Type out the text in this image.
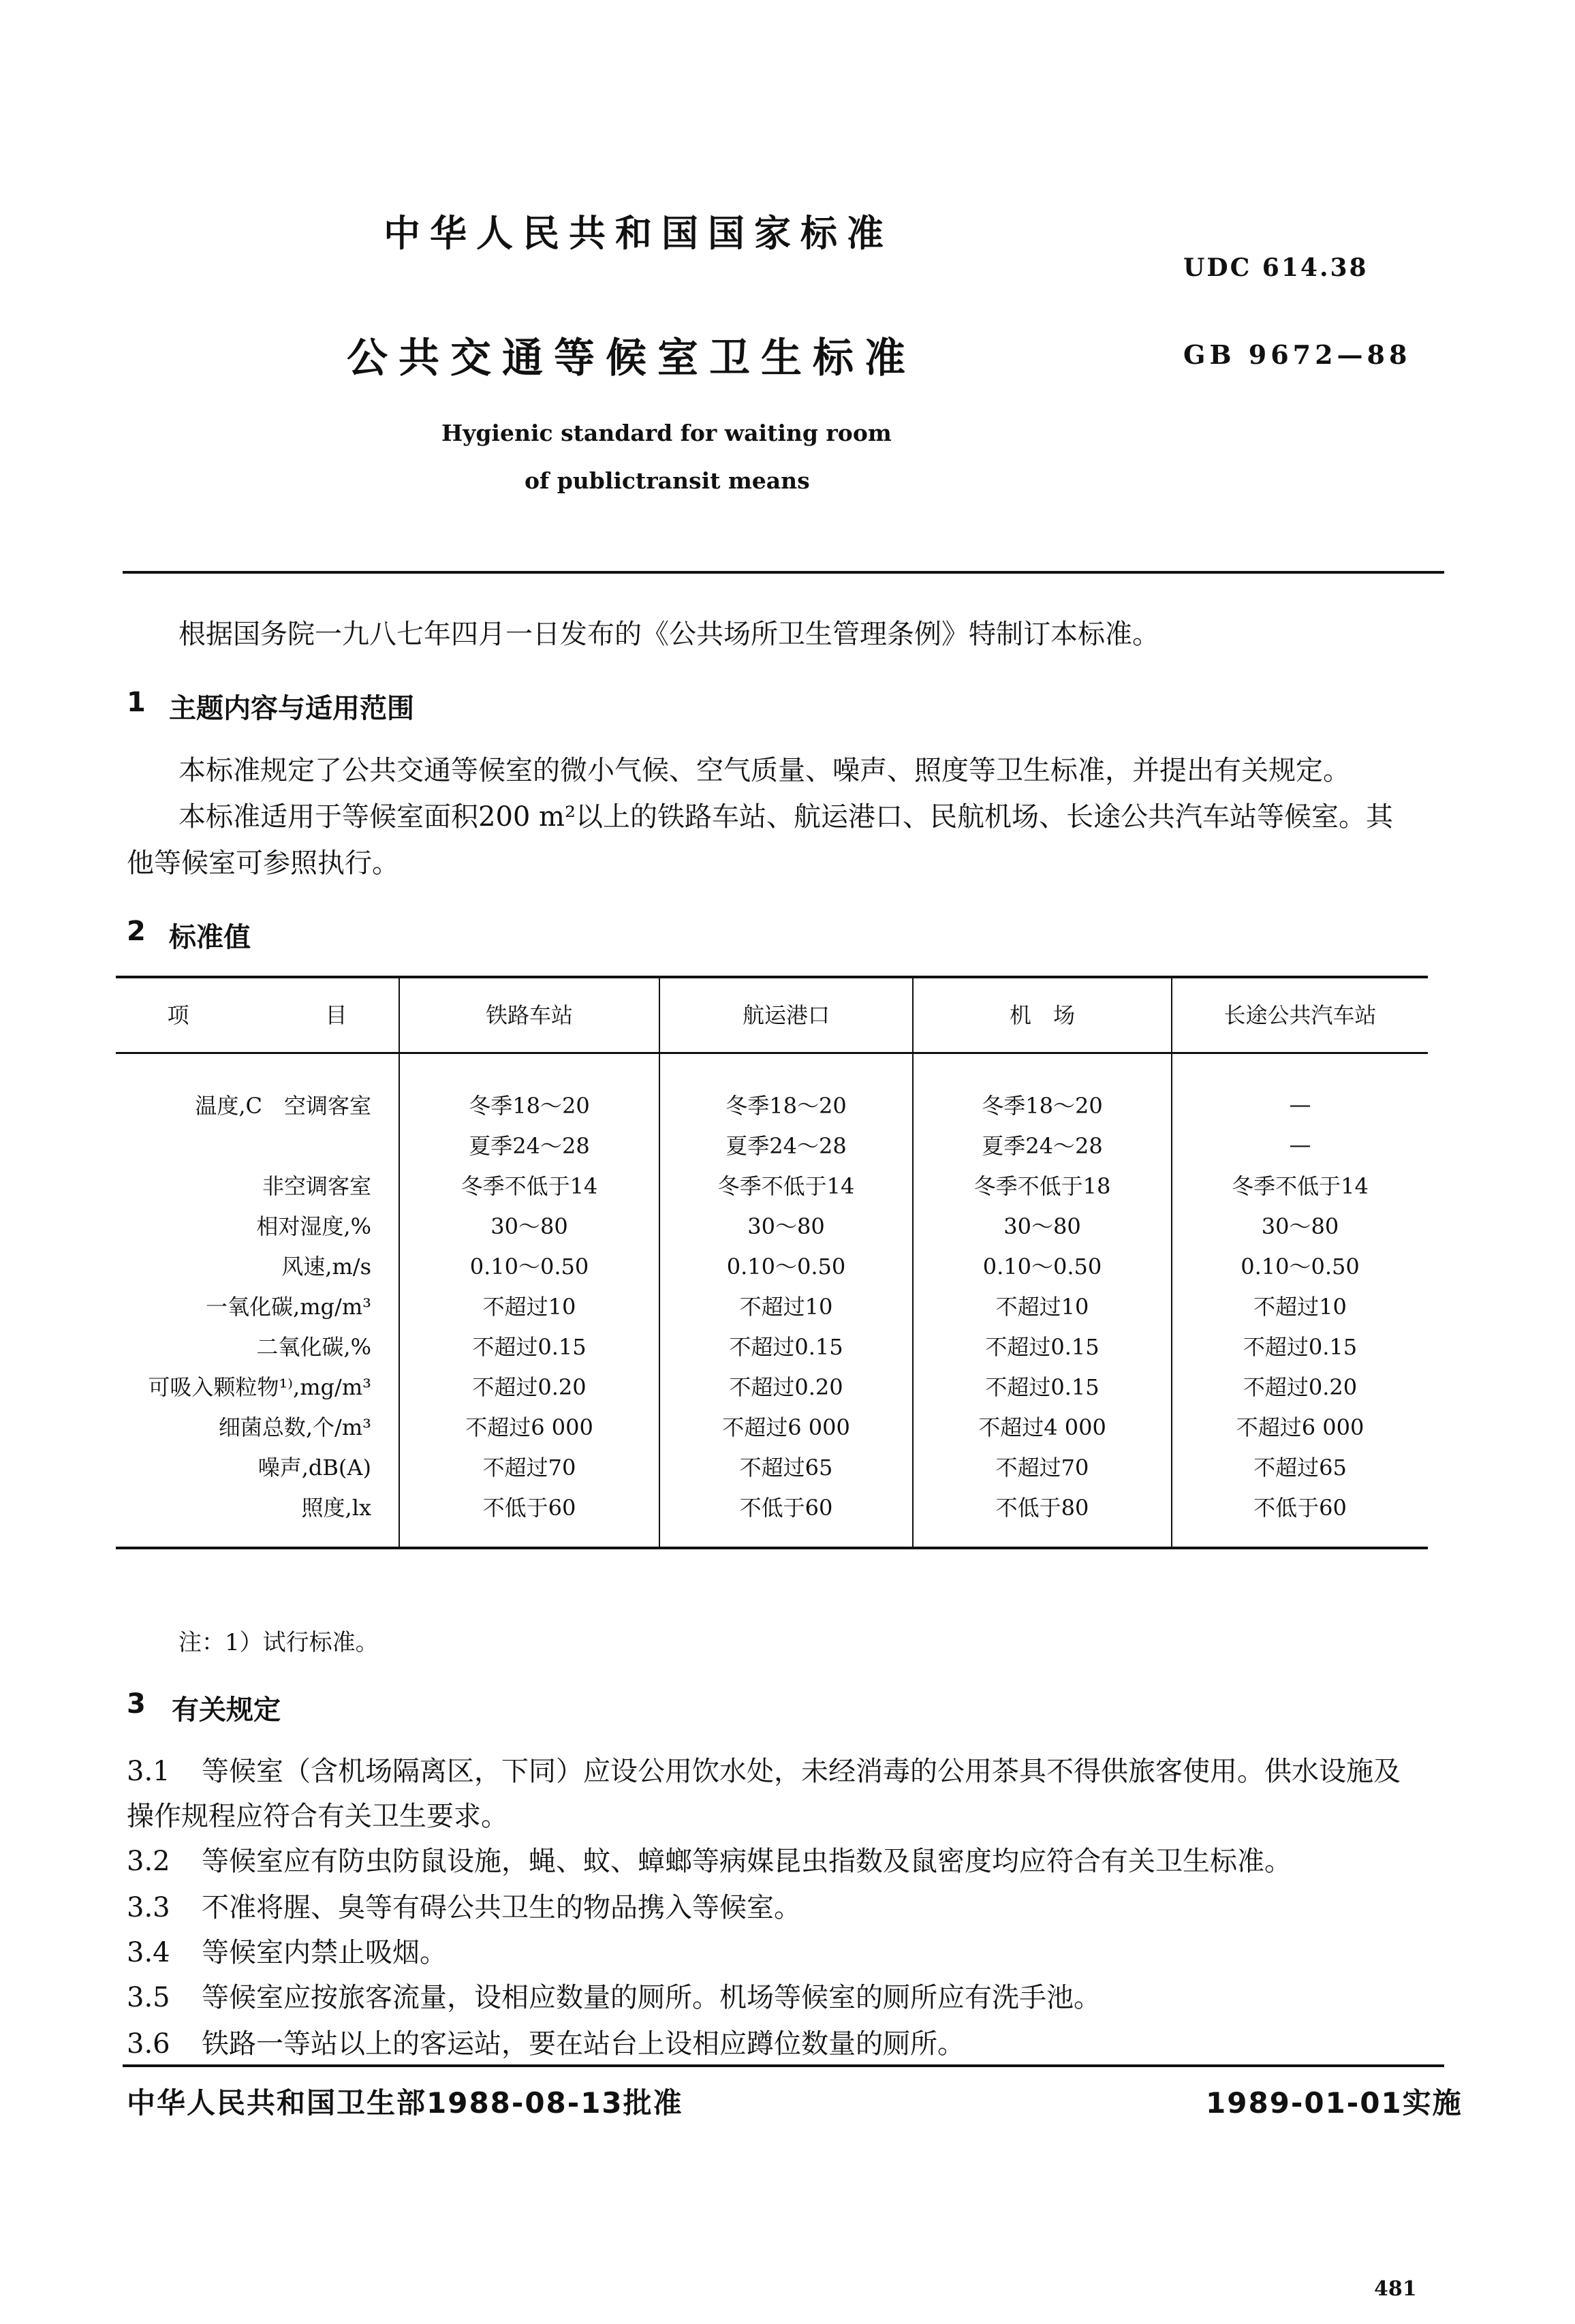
中华人民共和国国家标准
UDC 614.38
公共交通等候室卫生标准	GB 9672—88
Hygienic standard for waiting room
of publictransit means
根据国务院一九八七年四月一日发布的《公共场所卫生管理条例》特制订本标准。
1 主题内容与适用范围
本标准规定了公共交通等候室的微小气候、空气质量、噪声、照度等卫生标准，并提出有关规定。
本标准适用于等候室面积200 m²以上的铁路车站、航运港口、民航机场、长途公共汽车站等候室。其
他等候室可参照执行。
2 标准值
项 目	铁路车站	航运港口	机　场	长途公共汽车站
温度,C　空调客室	冬季18～20	冬季18～20	冬季18～20	—
	夏季24～28	夏季24～28	夏季24～28	—
非空调客室	冬季不低于14	冬季不低于14	冬季不低于18	冬季不低于14
相对湿度,%	30～80	30～80	30～80	30～80
风速,m/s	0.10～0.50	0.10～0.50	0.10～0.50	0.10～0.50
一氧化碳,mg/m³	不超过10	不超过10	不超过10	不超过10
二氧化碳,%	不超过0.15	不超过0.15	不超过0.15	不超过0.15
可吸入颗粒物¹⁾,mg/m³	不超过0.20	不超过0.20	不超过0.15	不超过0.20
细菌总数,个/m³	不超过6 000	不超过6 000	不超过4 000	不超过6 000
噪声,dB(A)	不超过70	不超过65	不超过70	不超过65
照度,lx	不低于60	不低于60	不低于80	不低于60
注：1）试行标准。
3 有关规定
3.1 等候室（含机场隔离区，下同）应设公用饮水处，未经消毒的公用茶具不得供旅客使用。供水设施及
操作规程应符合有关卫生要求。
3.2 等候室应有防虫防鼠设施，蝇、蚊、蟑螂等病媒昆虫指数及鼠密度均应符合有关卫生标准。
3.3 不准将腥、臭等有碍公共卫生的物品携入等候室。
3.4 等候室内禁止吸烟。
3.5 等候室应按旅客流量，设相应数量的厕所。机场等候室的厕所应有洗手池。
3.6 铁路一等站以上的客运站，要在站台上设相应蹲位数量的厕所。
中华人民共和国卫生部1988-08-13批准	1989-01-01实施
481
